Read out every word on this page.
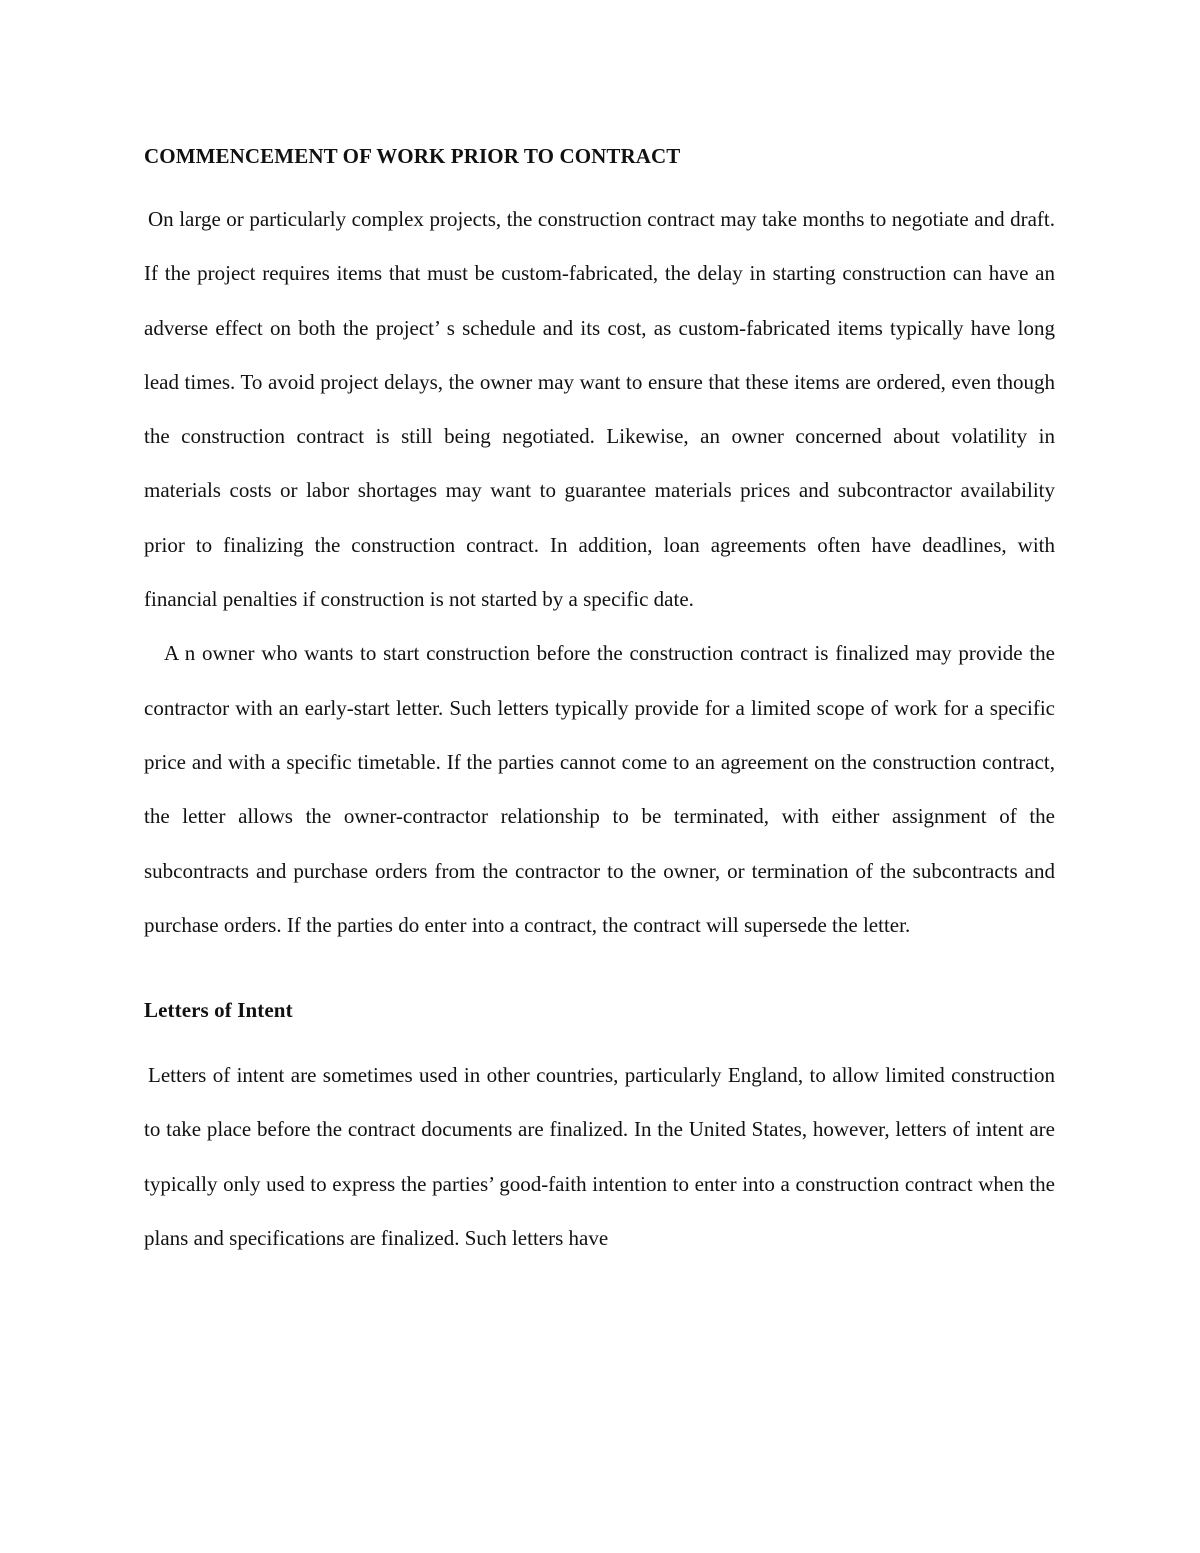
COMMENCEMENT OF WORK PRIOR TO CONTRACT

On large or particularly complex projects, the construction contract may take months to negotiate and draft. If the project requires items that must be custom-fabricated, the delay in starting construction can have an adverse effect on both the project’ s schedule and its cost, as custom-fabricated items typically have long lead times. To avoid project delays, the owner may want to ensure that these items are ordered, even though the construction contract is still being negotiated. Likewise, an owner concerned about volatility in materials costs or labor shortages may want to guarantee materials prices and subcontractor availability prior to finalizing the construction contract. In addition, loan agreements often have deadlines, with financial penalties if construction is not started by a specific date.

A n owner who wants to start construction before the construction contract is finalized may provide the contractor with an early-start letter. Such letters typically provide for a limited scope of work for a specific price and with a specific timetable. If the parties cannot come to an agreement on the construction contract, the letter allows the owner-contractor relationship to be terminated, with either assignment of the subcontracts and purchase orders from the contractor to the owner, or termination of the subcontracts and purchase orders. If the parties do enter into a contract, the contract will supersede the letter.

Letters of Intent

Letters of intent are sometimes used in other countries, particularly England, to allow limited construction to take place before the contract documents are finalized. In the United States, however, letters of intent are typically only used to express the parties’ good-faith intention to enter into a construction contract when the plans and specifications are finalized. Such letters have
